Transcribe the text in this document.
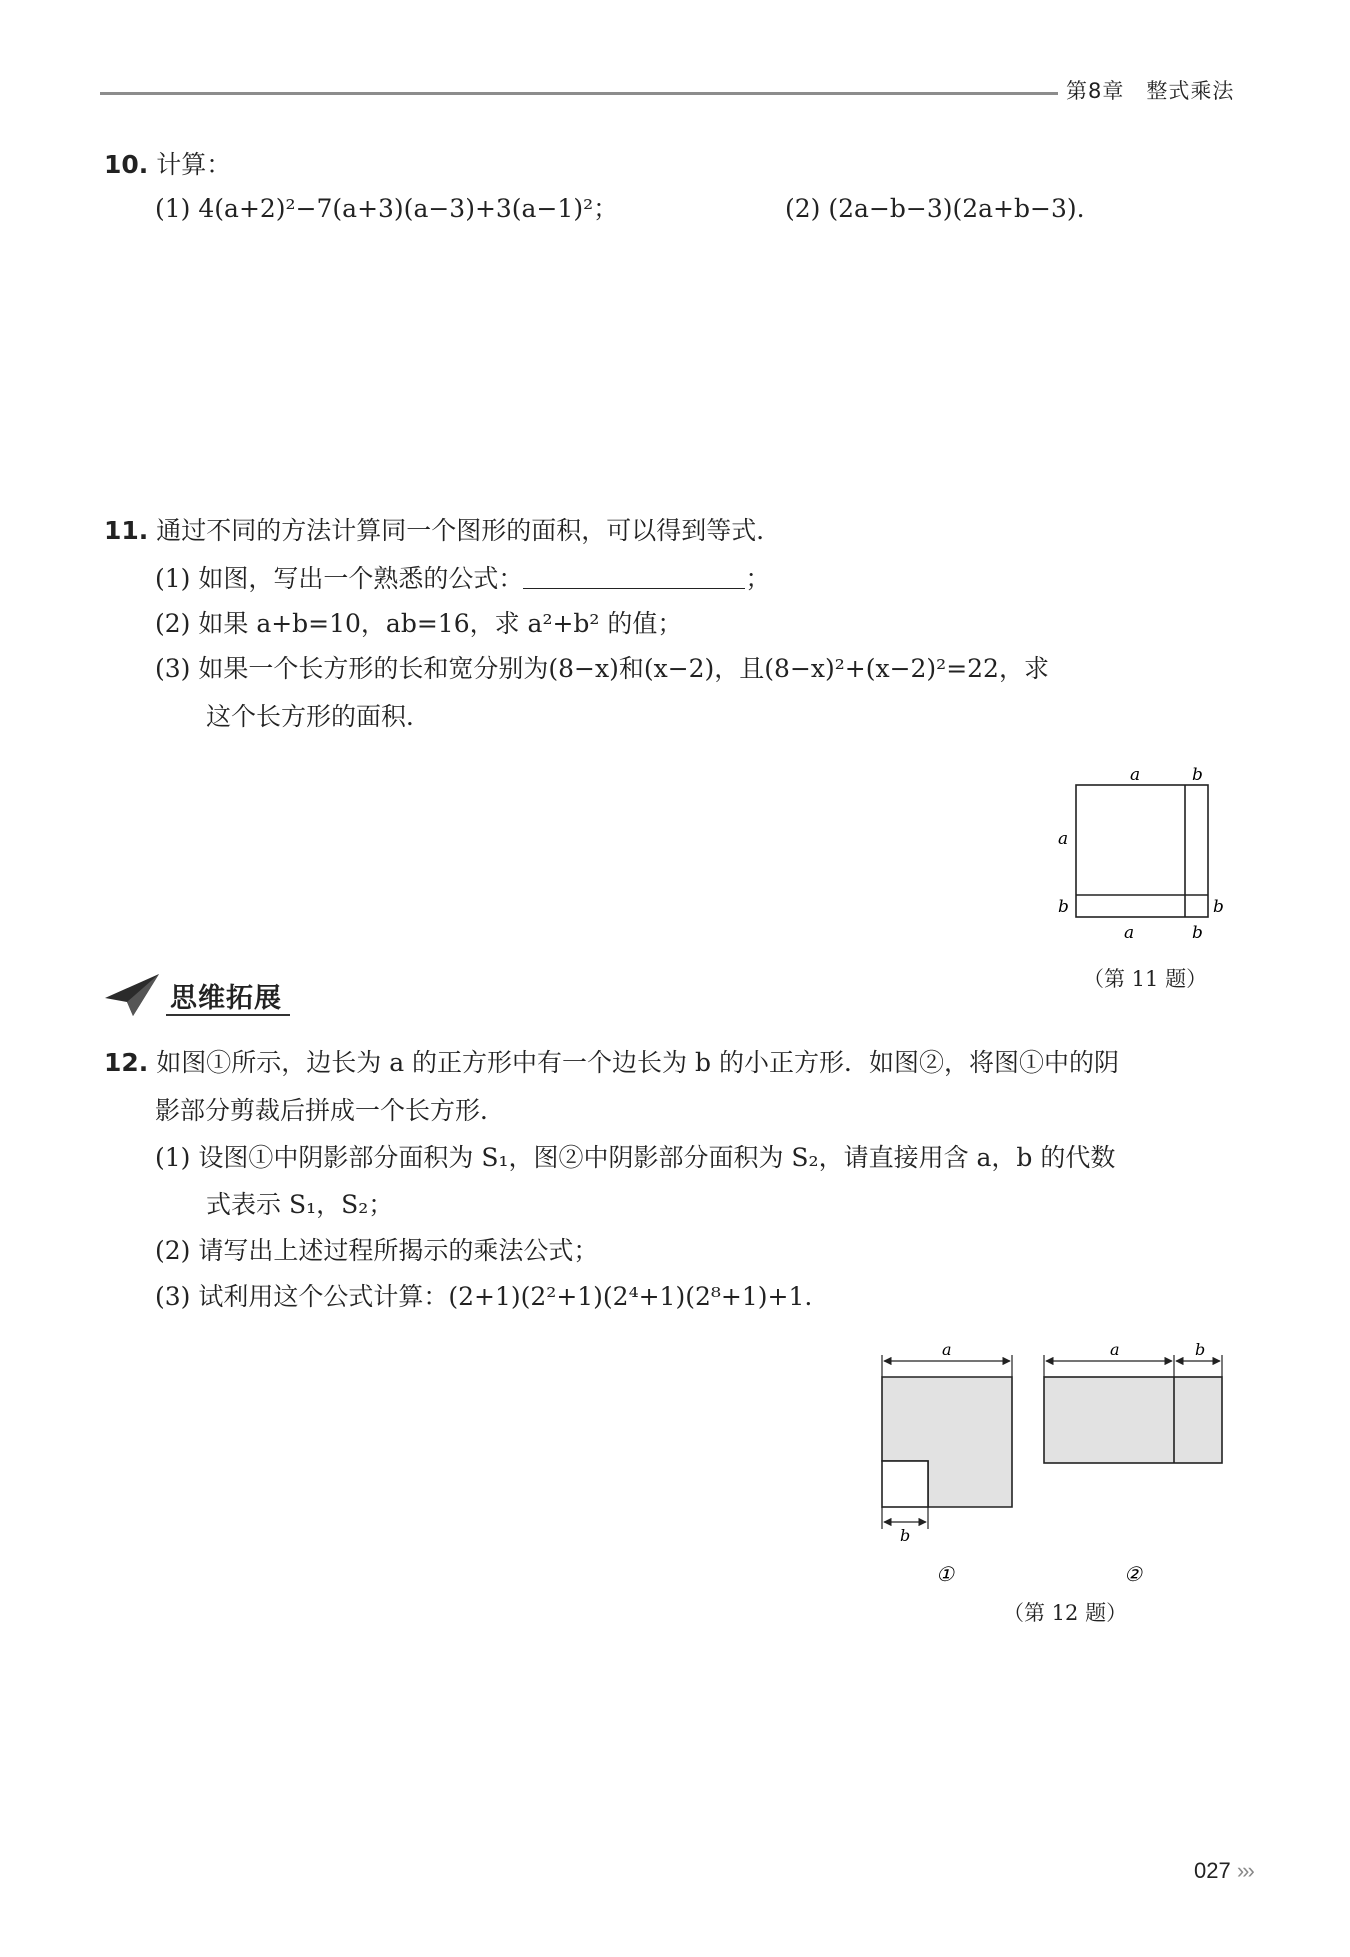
第8章　整式乘法
10. 计算：
(1) 4(a+2)²−7(a+3)(a−3)+3(a−1)²；	(2) (2a−b−3)(2a+b−3).
11. 通过不同的方法计算同一个图形的面积，可以得到等式．
(1) 如图，写出一个熟悉的公式：	；
(2) 如果 a+b=10，ab=16，求 a²+b² 的值；
(3) 如果一个长方形的长和宽分别为(8−x)和(x−2)，且(8−x)²+(x−2)²=22，求
这个长方形的面积．
a	b
a
b	b
a	b
（第 11 题）
思维拓展
12. 如图①所示，边长为 a 的正方形中有一个边长为 b 的小正方形．如图②，将图①中的阴
影部分剪裁后拼成一个长方形．
(1) 设图①中阴影部分面积为 S₁，图②中阴影部分面积为 S₂，请直接用含 a，b 的代数
式表示 S₁，S₂；
(2) 请写出上述过程所揭示的乘法公式；
(3) 试利用这个公式计算：(2+1)(2²+1)(2⁴+1)(2⁸+1)+1.
a
b
a	b
①	②
（第 12 题）
027 ›››
